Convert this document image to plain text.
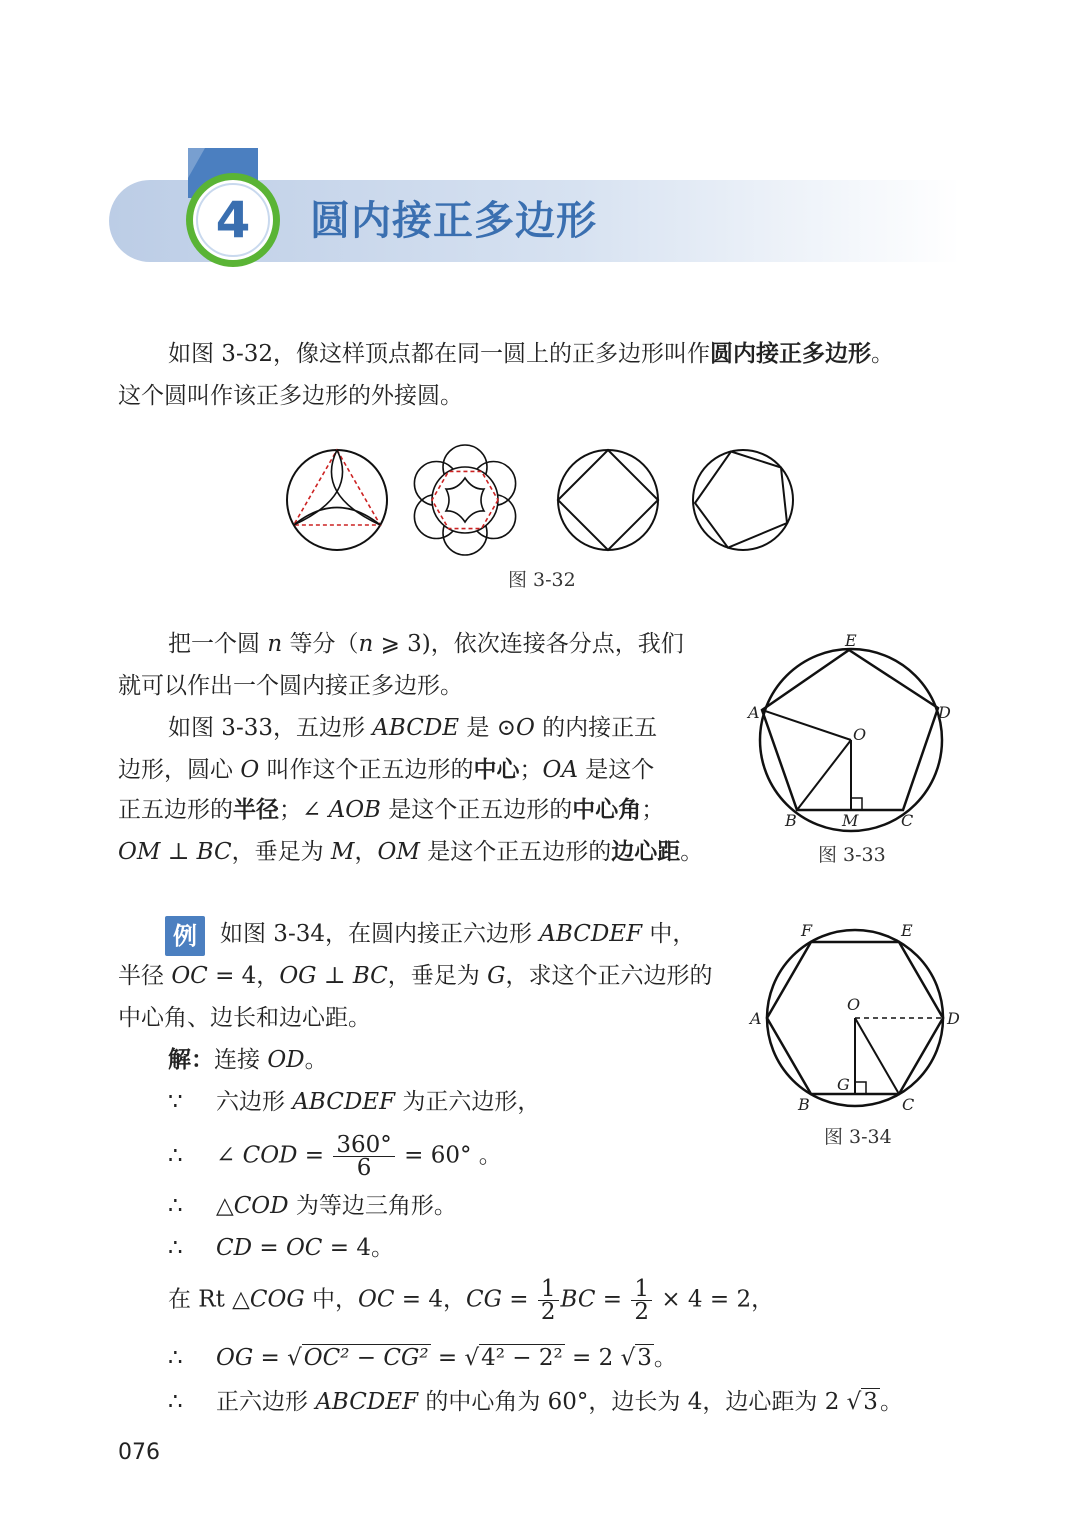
4	圆内接正多边形
如图 3-32，像这样顶点都在同一圆上的正多边形叫作圆内接正多边形。
这个圆叫作该正多边形的外接圆。
图 3-32
把一个圆 n 等分（n ⩾ 3)，依次连接各分点，我们
就可以作出一个圆内接正多边形。
如图 3-33，五边形 ABCDE 是 ⊙O 的内接正五
边形，圆心 O 叫作这个正五边形的中心；OA 是这个
正五边形的半径；∠ AOB 是这个正五边形的中心角；
OM ⊥ BC，垂足为 M，OM 是这个正五边形的边心距。
E
A	D
O
B	M	C
图 3-33
例	如图 3-34，在圆内接正六边形 ABCDEF 中，
半径 OC = 4，OG ⊥ BC，垂足为 G，求这个正六边形的
中心角、边长和边心距。
F	E
A	D
O
G
B	C
图 3-34
解：连接 OD。
∵ 六边形 ABCDEF 为正六边形，
∴ ∠ COD = $\frac{360^\circ}{6} = 60^\circ$ 。
∴ △COD 为等边三角形。
∴ CD = OC = 4。
在 Rt △COG 中，OC = 4，CG = $\frac{1}{2}$ BC = $\frac{1}{2} \times 4 = 2$，
∴ OG = √OC² − CG² = √4² − 2² = 2 √3。
∴ 正六边形 ABCDEF 的中心角为 60°，边长为 4，边心距为 2 √3。
076
